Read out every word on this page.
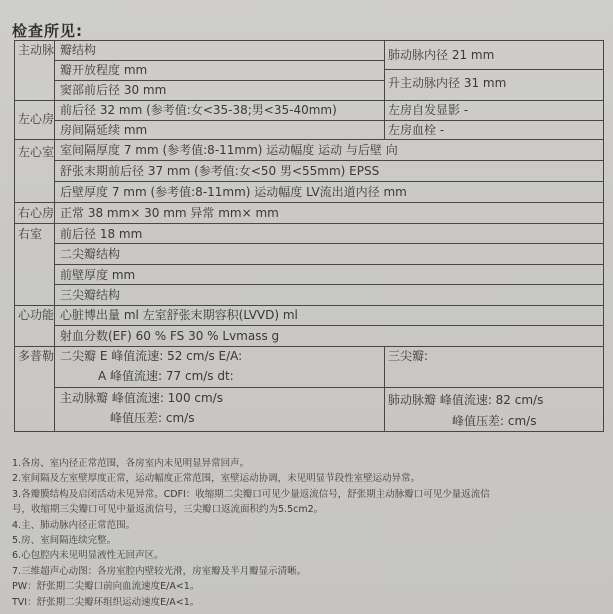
检查所见:
主动脉 瓣结构
瓣开放程度 mm
窦部前后径 30 mm
肺动脉内径 21 mm
升主动脉内径 31 mm
左心房
前后径 32 mm (参考值:女<35-38;男<35-40mm)
房间隔延续 mm
左房自发显影 -
左房血栓 -
左心室 室间隔厚度 7 mm (参考值:8-11mm) 运动幅度 运动 与后壁 向
舒张末期前后径 37 mm (参考值:女<50 男<55mm) EPSS
后壁厚度 7 mm (参考值:8-11mm) 运动幅度 LV流出道内径 mm
右心房 正常 38 mm× 30 mm 异常 mm× mm
右室 前后径 18 mm
二尖瓣结构
前壁厚度 mm
三尖瓣结构
心功能 心脏博出量 ml 左室舒张末期容积(LVVD) ml
射血分数(EF) 60 % FS 30 % Lvmass g
多普勒 二尖瓣 E 峰值流速: 52 cm/s E/A:
A 峰值流速: 77 cm/s dt:
三尖瓣:
主动脉瓣 峰值流速: 100 cm/s
峰值压差: cm/s
肺动脉瓣 峰值流速: 82 cm/s
峰值压差: cm/s
1.各房、室内径正常范围，各房室内未见明显异常回声。
2.室间隔及左室壁厚度正常，运动幅度正常范围，室壁运动协调，未见明显节段性室壁运动异常。
3.各瓣膜结构及启闭活动未见异常。CDFI：收缩期二尖瓣口可见少量返流信号，舒张期主动脉瓣口可见少量返流信
号，收缩期三尖瓣口可见中量返流信号，三尖瓣口返流面积约为5.5cm2。
4.主、肺动脉内径正常范围。
5.房、室间隔连续完整。
6.心包腔内未见明显液性无回声区。
7.三维超声心动图：各房室腔内壁较光滑，房室瓣及半月瓣显示清晰。
PW：舒张期二尖瓣口前向血流速度E/A<1。
TVI：舒张期二尖瓣环组织运动速度E/A<1。
